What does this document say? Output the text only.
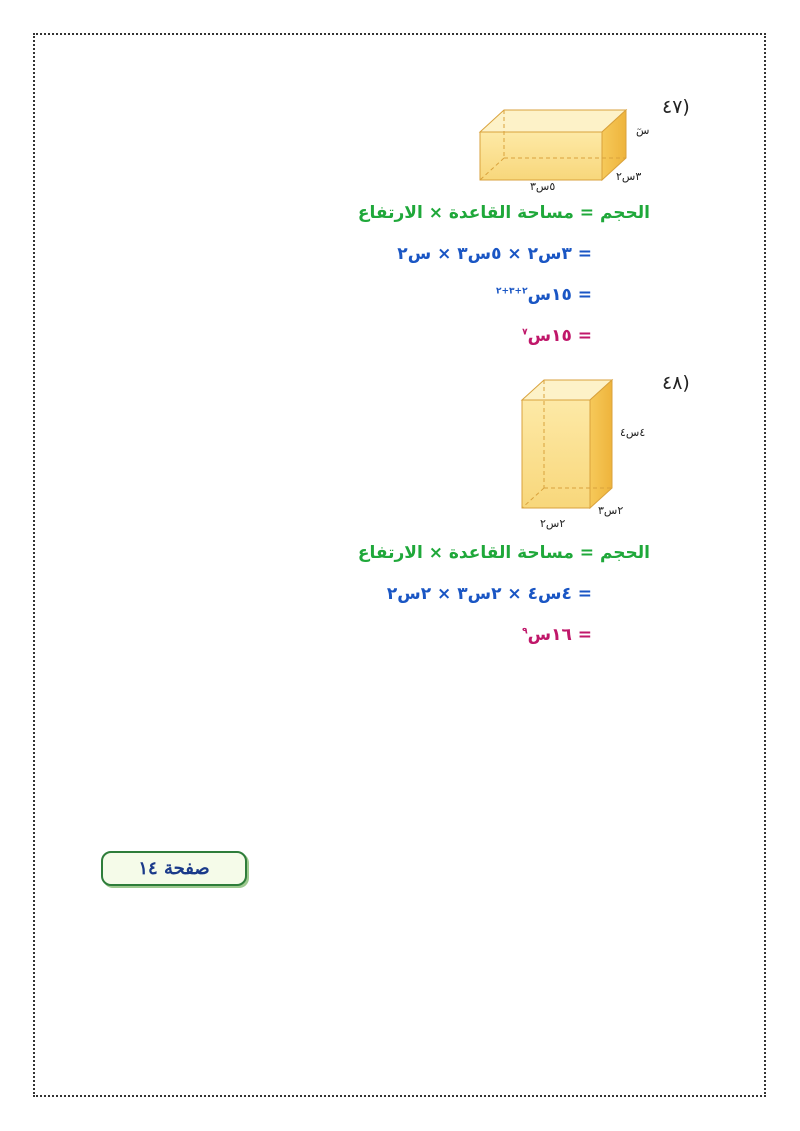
(٤٧
سٓ
٣س٢
٥س٣
الحجم = مساحة القاعدة × الارتفاع
= ٣س٢ × ٥س٣ × س٢
= ١٥س$^{٢+٣+٢}$
= ١٥س$^٧$
(٤٨
٤س٤
٢س٣
٢س٢
الحجم = مساحة القاعدة × الارتفاع
= ٤س٤ × ٢س٣ × ٢س٢
= ١٦س$^٩$
صفحة ١٤
